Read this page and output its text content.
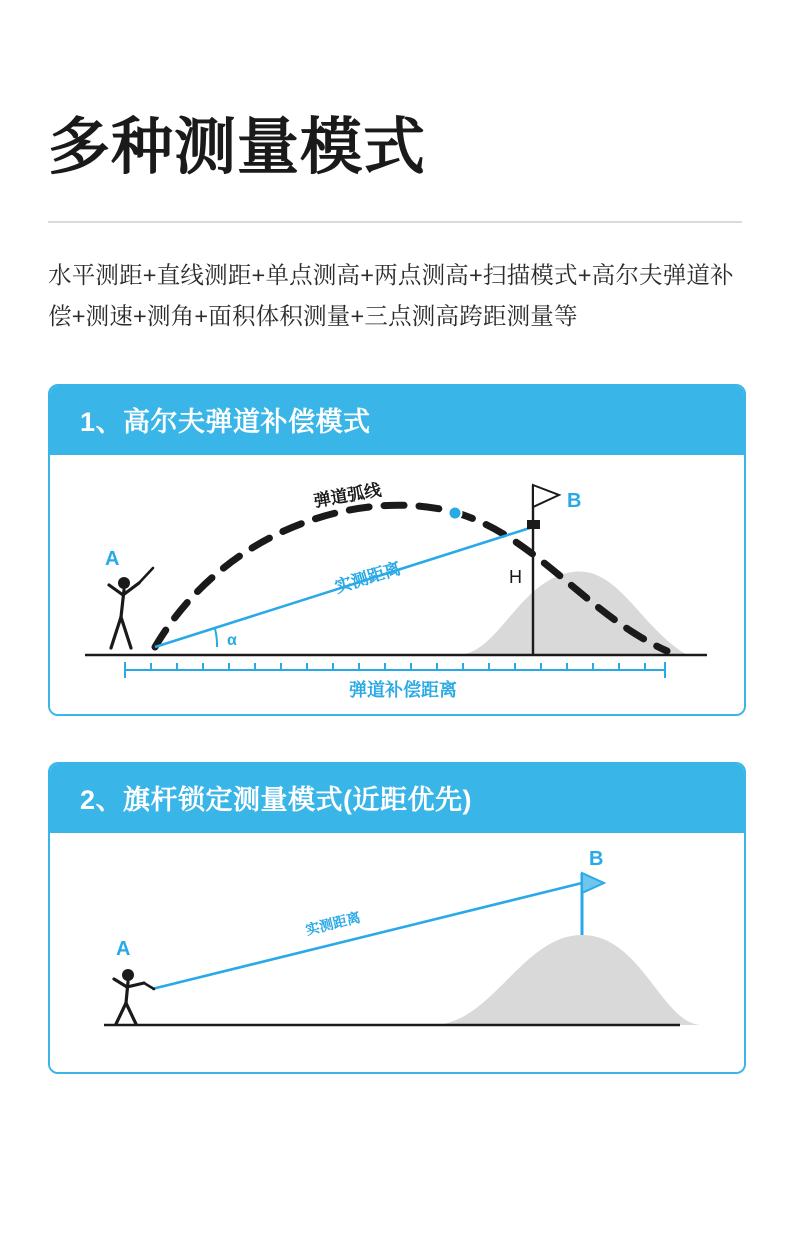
多种测量模式

水平测距+直线测距+单点测高+两点测高+扫描模式+高尔夫弹道补偿+测速+测角+面积体积测量+三点测高跨距测量等

1、高尔夫弹道补偿模式
弹道弧线
A
B
实测距离
α
H
弹道补偿距离
2、旗杆锁定测量模式(近距优先)
A
B
实测距离
